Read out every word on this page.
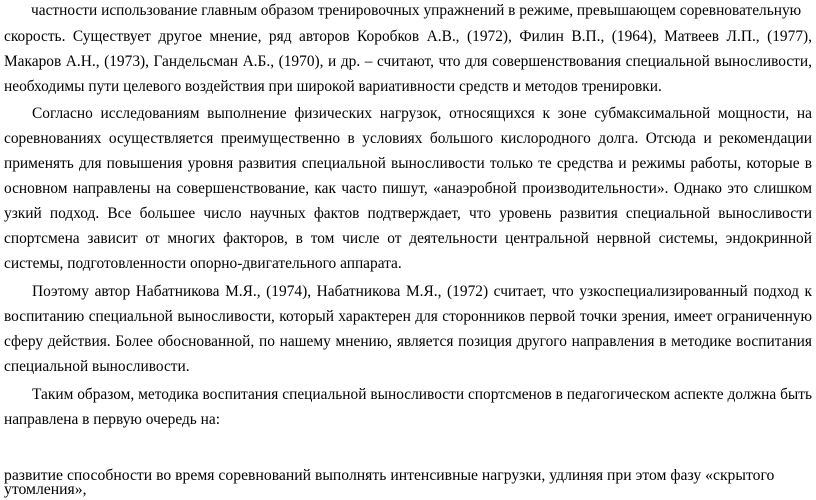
частности использование главным образом тренировочных упражнений в режиме, превышающем соревновательную
скорость. Существует другое мнение, ряд авторов Коробков А.В., (1972), Филин В.П., (1964), Матвеев Л.П., (1977),
Макаров А.Н., (1973), Гандельсман А.Б., (1970), и др. – считают, что для совершенствования специальной выносливости,
необходимы пути целевого воздействия при широкой вариативности средств и методов тренировки.
Согласно исследованиям выполнение физических нагрузок, относящихся к зоне субмаксимальной мощности, на
соревнованиях осуществляется преимущественно в условиях большого кислородного долга. Отсюда и рекомендации
применять для повышения уровня развития специальной выносливости только те средства и режимы работы, которые в
основном направлены на совершенствование, как часто пишут, «анаэробной производительности». Однако это слишком
узкий подход. Все большее число научных фактов подтверждает, что уровень развития специальной выносливости
спортсмена зависит от многих факторов, в том числе от деятельности центральной нервной системы, эндокринной
системы, подготовленности опорно-двигательного аппарата.
Поэтому автор Набатникова М.Я., (1974), Набатникова М.Я., (1972) считает, что узкоспециализированный подход к
воспитанию специальной выносливости, который характерен для сторонников первой точки зрения, имеет ограниченную
сферу действия. Более обоснованной, по нашему мнению, является позиция другого направления в методике воспитания
специальной выносливости.
Таким образом, методика воспитания специальной выносливости спортсменов в педагогическом аспекте должна быть
направлена в первую очередь на:
развитие способности во время соревнований выполнять интенсивные нагрузки, удлиняя при этом фазу «скрытого
утомления»,
